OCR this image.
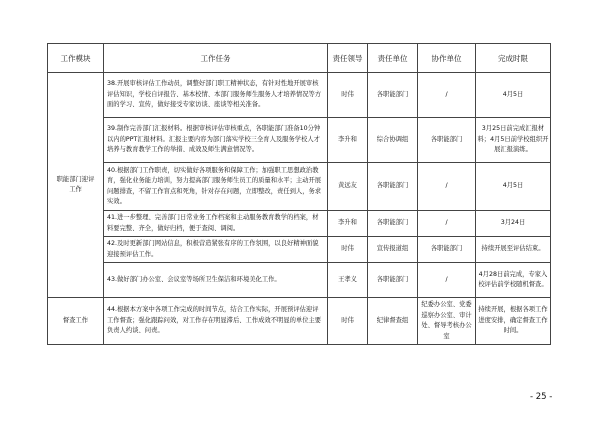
工作模块	工作任务	责任领导	责任单位	协作单位	完成时限
职能部门迎评工作	38.开展审核评估工作动员，调整好部门职工精神状态，有针对性地开展审核评估知识，学校自评报告、基本校情、本部门服务师生服务人才培养情况等方面的学习、宣传，做好接受专家访谈、座谈等相关准备。	时伟	各职能部门	/	4月5日
	39.制作完善部门汇报材料。根据审核评估审核重点，各职能部门准备10分钟以内的PPT汇报材料。汇报主要内容为部门落实学校三全育人及服务学校人才培养与教育教学工作的举措、成效及师生满意情况等。	李升和	综合协调组	各职能部门	3月25日前完成汇报材料；4月5日前学校组织开展汇报演练。
	40.根据部门工作职责，切实做好各项服务和保障工作；加强职工思想政治教育，强化业务能力培训，努力提高部门服务师生员工的质量和水平；主动开展问题排查，不留工作盲点和死角，针对存在问题，立即整改，责任到人，务求实效。	黄远友	各职能部门	/	4月5日
	41.进一步整理、完善部门日常业务工作档案和主动服务教育教学的档案，材料要完整、齐全，做好归档，便于查阅、调阅。	李升和	各职能部门	/	3月24日
	42.及时更新部门网站信息，积极营造紧张有序的工作氛围，以良好精神面貌迎接预评估工作。	时伟	宣传报道组	各职能部门	持续开展至评估结束。
	43.做好部门办公室、会议室等场所卫生保洁和环境美化工作。	王孝义	各职能部门	/	4月28日前完成，专家入校评估前学校随机督查。
督查工作	44.根据本方案中各项工作完成的时间节点，结合工作实际，开展预评估迎评工作督查；强化跟踪问效，对工作存在明显滞后、工作成效不明显的单位主要负责人约谈、问责。	时伟	纪律督查组	纪委办公室、党委巡察办公室、审计处、督导考核办公室	持续开展，根据各项工作进度安排，确定督查工作时间。
- 25 -
